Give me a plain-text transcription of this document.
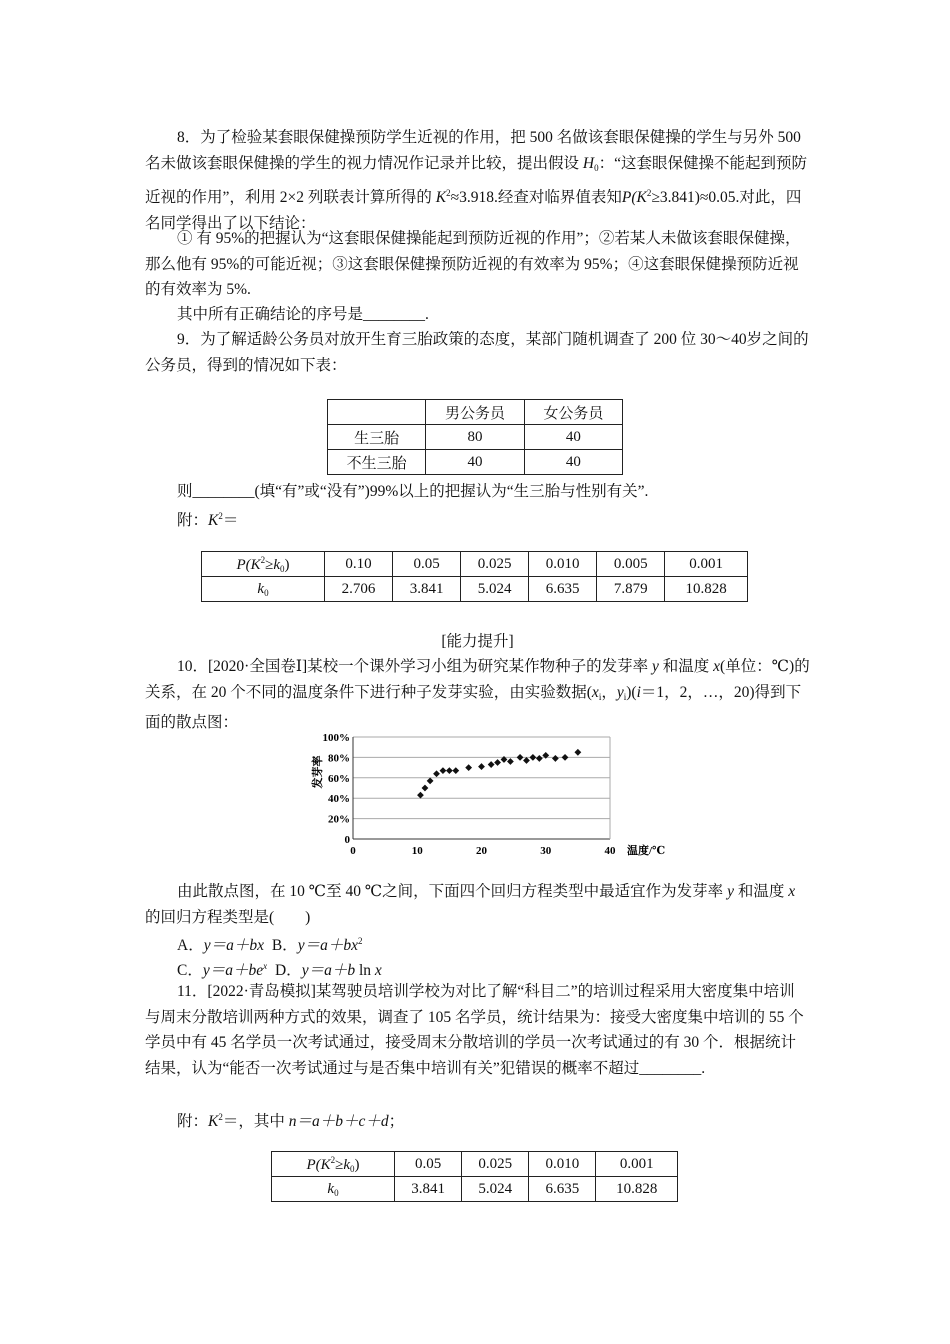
8．为了检验某套眼保健操预防学生近视的作用，把 500 名做该套眼保健操的学生与另外 500 名未做该套眼保健操的学生的视力情况作记录并比较，提出假设 $H_0$：“这套眼保健操不能起到预防近视的作用”，利用 2×2 列联表计算所得的 $K^2\approx 3.918$.经查对临界值表知$P(K^2\ge 3.841)\approx 0.05$.对此，四名同学得出了以下结论：
① 有 95%的把握认为“这套眼保健操能起到预防近视的作用”；②若某人未做该套眼保健操，那么他有 95%的可能近视；③这套眼保健操预防近视的有效率为 95%；④这套眼保健操预防近视的有效率为 5%.
其中所有正确结论的序号是________.
9．为了解适龄公务员对放开生育三胎政策的态度，某部门随机调查了 200 位 30～40岁之间的公务员，得到的情况如下表：
	男公务员	女公务员
生三胎	80	40
不生三胎	40	40
则________(填“有”或“没有”)99%以上的把握认为“生三胎与性别有关”.
附：$K^2=$
$P(K^2\ge k_0)$	0.10	0.05	0.025	0.010	0.005	0.001
$k_0$	2.706	3.841	5.024	6.635	7.879	10.828
[能力提升]
10．[2020·全国卷Ⅰ]某校一个课外学习小组为研究某作物种子的发芽率 y 和温度 x(单位：℃)的关系，在 20 个不同的温度条件下进行种子发芽实验，由实验数据($x_i$，$y_i)(i=1$，2，…，20)得到下面的散点图：
发芽率
0
20%
40%
60%
80%
100%
0	10	20	30	40 温度/℃
由此散点图，在 10 ℃至 40 ℃之间，下面四个回归方程类型中最适宜作为发芽率 y 和温度 x 的回归方程类型是(　　)
A．y＝a＋bx B．$y=a+bx^2$
C．$y=a+be^x$ D．y＝a＋b ln x
11．[2022·青岛模拟]某驾驶员培训学校为对比了解“科目二”的培训过程采用大密度集中培训与周末分散培训两种方式的效果，调查了 105 名学员，统计结果为：接受大密度集中培训的 55 个学员中有 45 名学员一次考试通过，接受周末分散培训的学员一次考试通过的有 30 个．根据统计结果，认为“能否一次考试通过与是否集中培训有关”犯错误的概率不超过________.
附：$K^2=$，其中 n＝a＋b＋c＋d；
$P(K^2\ge k_0)$	0.05	0.025	0.010	0.001
$k_0$	3.841	5.024	6.635	10.828
